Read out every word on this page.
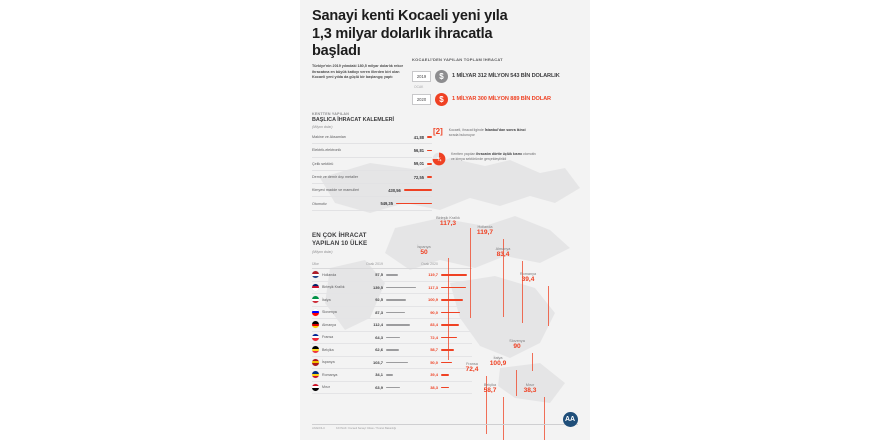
Sanayi kenti Kocaeli yeni yıla 1,3 milyar dolarlık ihracatla başladı
Türkiye'nin 2019 yılındaki 180,5 milyar dolarlık rekor ihracatına en büyük katkıyı veren illerden biri olan Kocaeli yeni yılda da güçlü bir başlangıç yaptı
KOCAELİ'DEN YAPILAN TOPLAM İHRACAT
2019	$	1 MİLYAR 312 MİLYON 543 BİN DOLARLIK
OCAK
2020	$	1 MİLYAR 300 MİLYON 889 BİN DOLAR
KENTTEN YAPILAN
BAŞLICA İHRACAT KALEMLERİ
(Milyon dolar)
Makine ve Aksamları	41,88
Elektrik-elektronik	56,81
Çelik sektörü	59,01
Demir ve demir dışı metaller	72,55
Kimyevi madde ve mamulleri	430,56
Otomotiv	549,35
[2] Kocaeli, ihracat liginde İstanbul'dan sonra ikinci sırada bulunuyor
¾
Kentten yapılan ihracatın dörtte üçlük kısmı otomotiv ve kimya sektöründe gerçekleştirildi
EN ÇOK İHRACAT
YAPILAN 10 ÜLKE
(Milyon dolar)
Ülke	Ocak 2019	Ocak 2020
Hollanda	57,5	119,7
Birleşik Krallık	139,5	117,3
İtalya	92,5	100,9
Slovenya	87,3	90,0
Almanya	112,4	83,4
Fransa	64,3	72,4
Belçika	62,6	58,7
İspanya	103,7	50,0
Romanya	34,1	39,4
Mısır	63,9	38,3
Birleşik Krallık
117,3	Hollanda
119,7
İspanya
50
Almanya
83,4
Romanya
39,4
Slovenya
90
İtalya
100,9
Fransa
72,4
Belçika
58,7
Mısır
38,3
ANADOLU	KAYNAK: Kocaeli Sanayi Odası / Ticaret Bakanlığı
AA
